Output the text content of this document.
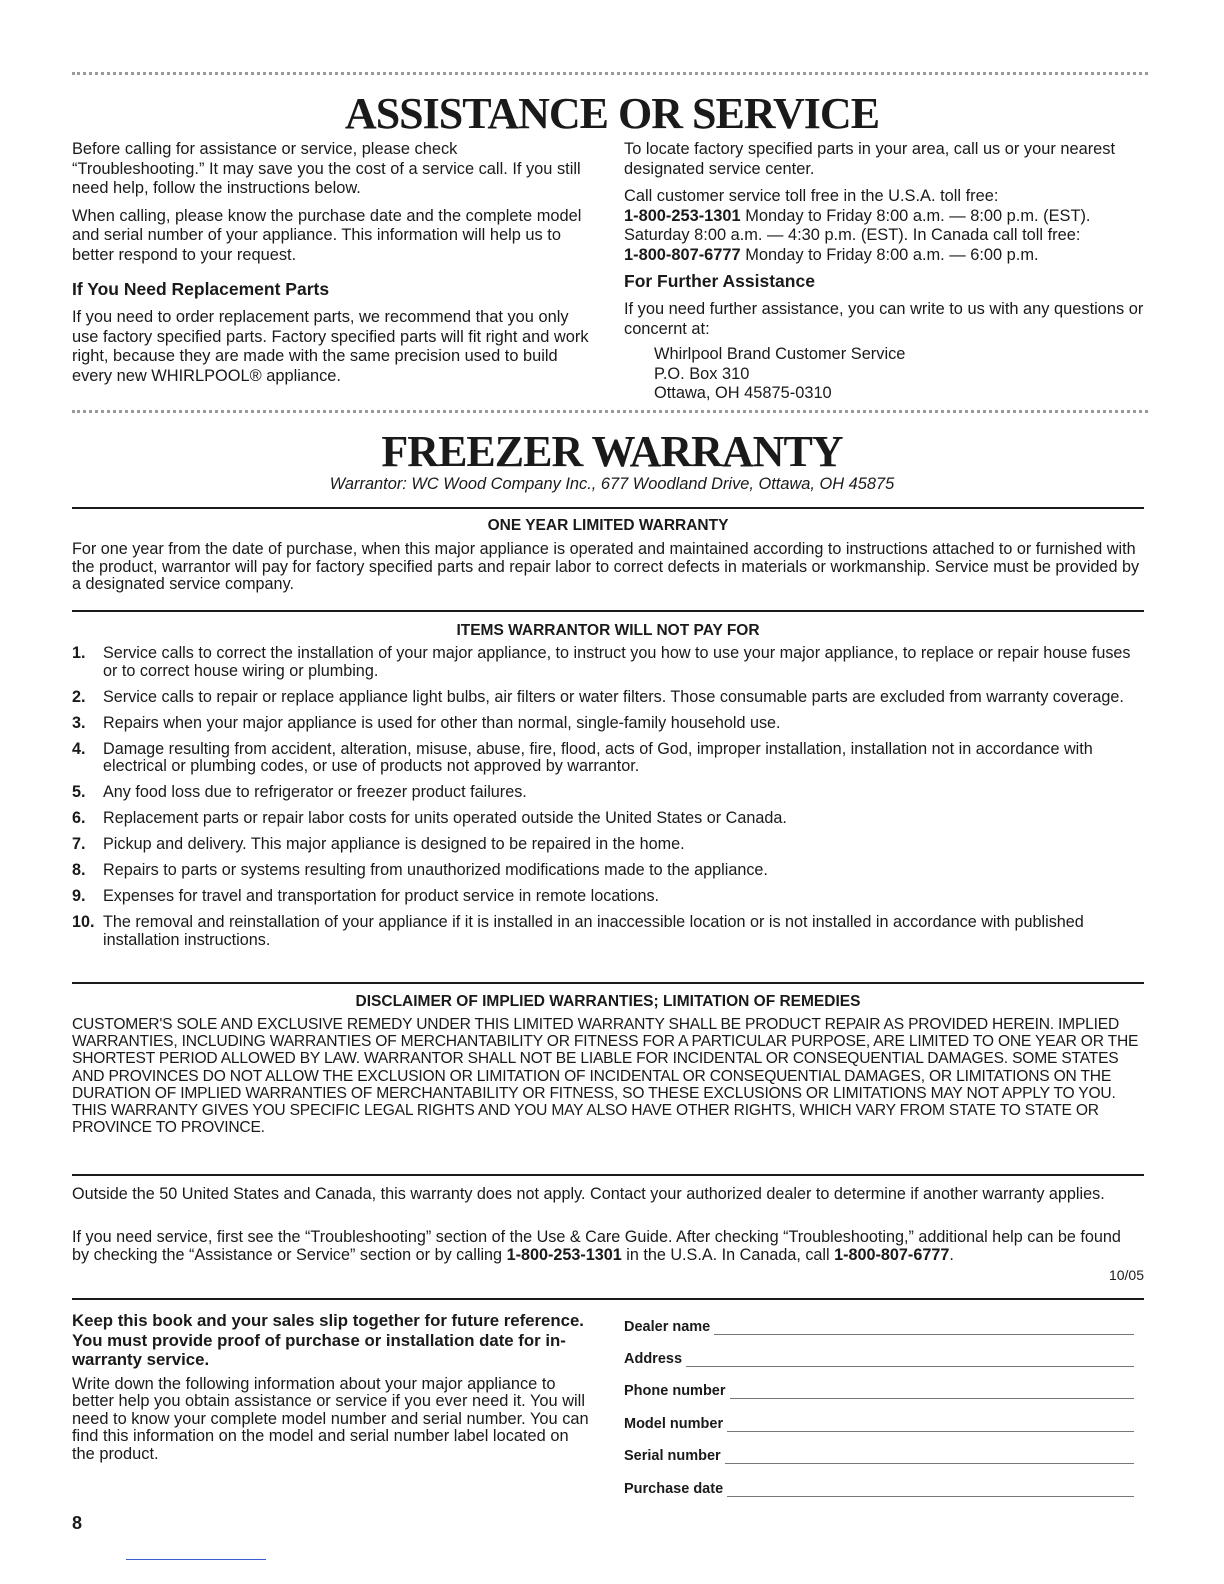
ASSISTANCE OR SERVICE

Before calling for assistance or service, please check “Troubleshooting.” It may save you the cost of a service call. If you still need help, follow the instructions below.

When calling, please know the purchase date and the complete model and serial number of your appliance. This information will help us to better respond to your request.

If You Need Replacement Parts

If you need to order replacement parts, we recommend that you only use factory specified parts. Factory specified parts will fit right and work right, because they are made with the same precision used to build every new WHIRLPOOL® appliance.

To locate factory specified parts in your area, call us or your nearest designated service center.

Call customer service toll free in the U.S.A. toll free:
1-800-253-1301 Monday to Friday 8:00 a.m. — 8:00 p.m. (EST). Saturday 8:00 a.m. — 4:30 p.m. (EST). In Canada call toll free:
1-800-807-6777 Monday to Friday 8:00 a.m. — 6:00 p.m.

For Further Assistance

If you need further assistance, you can write to us with any questions or concernt at:

Whirlpool Brand Customer Service
P.O. Box 310
Ottawa, OH 45875-0310
FREEZER WARRANTY
Warrantor: WC Wood Company Inc., 677 Woodland Drive, Ottawa, OH 45875
ONE YEAR LIMITED WARRANTY
For one year from the date of purchase, when this major appliance is operated and maintained according to instructions attached to or furnished with the product, warrantor will pay for factory specified parts and repair labor to correct defects in materials or workmanship. Service must be provided by a designated service company.
ITEMS WARRANTOR WILL NOT PAY FOR
1. Service calls to correct the installation of your major appliance, to instruct you how to use your major appliance, to replace or repair house fuses or to correct house wiring or plumbing.
2. Service calls to repair or replace appliance light bulbs, air filters or water filters. Those consumable parts are excluded from warranty coverage.
3. Repairs when your major appliance is used for other than normal, single-family household use.
4. Damage resulting from accident, alteration, misuse, abuse, fire, flood, acts of God, improper installation, installation not in accordance with electrical or plumbing codes, or use of products not approved by warrantor.
5. Any food loss due to refrigerator or freezer product failures.
6. Replacement parts or repair labor costs for units operated outside the United States or Canada.
7. Pickup and delivery. This major appliance is designed to be repaired in the home.
8. Repairs to parts or systems resulting from unauthorized modifications made to the appliance.
9. Expenses for travel and transportation for product service in remote locations.
10. The removal and reinstallation of your appliance if it is installed in an inaccessible location or is not installed in accordance with published installation instructions.
DISCLAIMER OF IMPLIED WARRANTIES; LIMITATION OF REMEDIES
CUSTOMER'S SOLE AND EXCLUSIVE REMEDY UNDER THIS LIMITED WARRANTY SHALL BE PRODUCT REPAIR AS PROVIDED HEREIN. IMPLIED WARRANTIES, INCLUDING WARRANTIES OF MERCHANTABILITY OR FITNESS FOR A PARTICULAR PURPOSE, ARE LIMITED TO ONE YEAR OR THE SHORTEST PERIOD ALLOWED BY LAW. WARRANTOR SHALL NOT BE LIABLE FOR INCIDENTAL OR CONSEQUENTIAL DAMAGES. SOME STATES AND PROVINCES DO NOT ALLOW THE EXCLUSION OR LIMITATION OF INCIDENTAL OR CONSEQUENTIAL DAMAGES, OR LIMITATIONS ON THE DURATION OF IMPLIED WARRANTIES OF MERCHANTABILITY OR FITNESS, SO THESE EXCLUSIONS OR LIMITATIONS MAY NOT APPLY TO YOU. THIS WARRANTY GIVES YOU SPECIFIC LEGAL RIGHTS AND YOU MAY ALSO HAVE OTHER RIGHTS, WHICH VARY FROM STATE TO STATE OR PROVINCE TO PROVINCE.
Outside the 50 United States and Canada, this warranty does not apply. Contact your authorized dealer to determine if another warranty applies.
If you need service, first see the “Troubleshooting” section of the Use & Care Guide. After checking “Troubleshooting,” additional help can be found by checking the “Assistance or Service” section or by calling 1-800-253-1301 in the U.S.A. In Canada, call 1-800-807-6777.
10/05

Keep this book and your sales slip together for future reference. You must provide proof of purchase or installation date for in-warranty service.

Write down the following information about your major appliance to better help you obtain assistance or service if you ever need it. You will need to know your complete model number and serial number. You can find this information on the model and serial number label located on the product.

Dealer name
Address
Phone number
Model number
Serial number
Purchase date
8
